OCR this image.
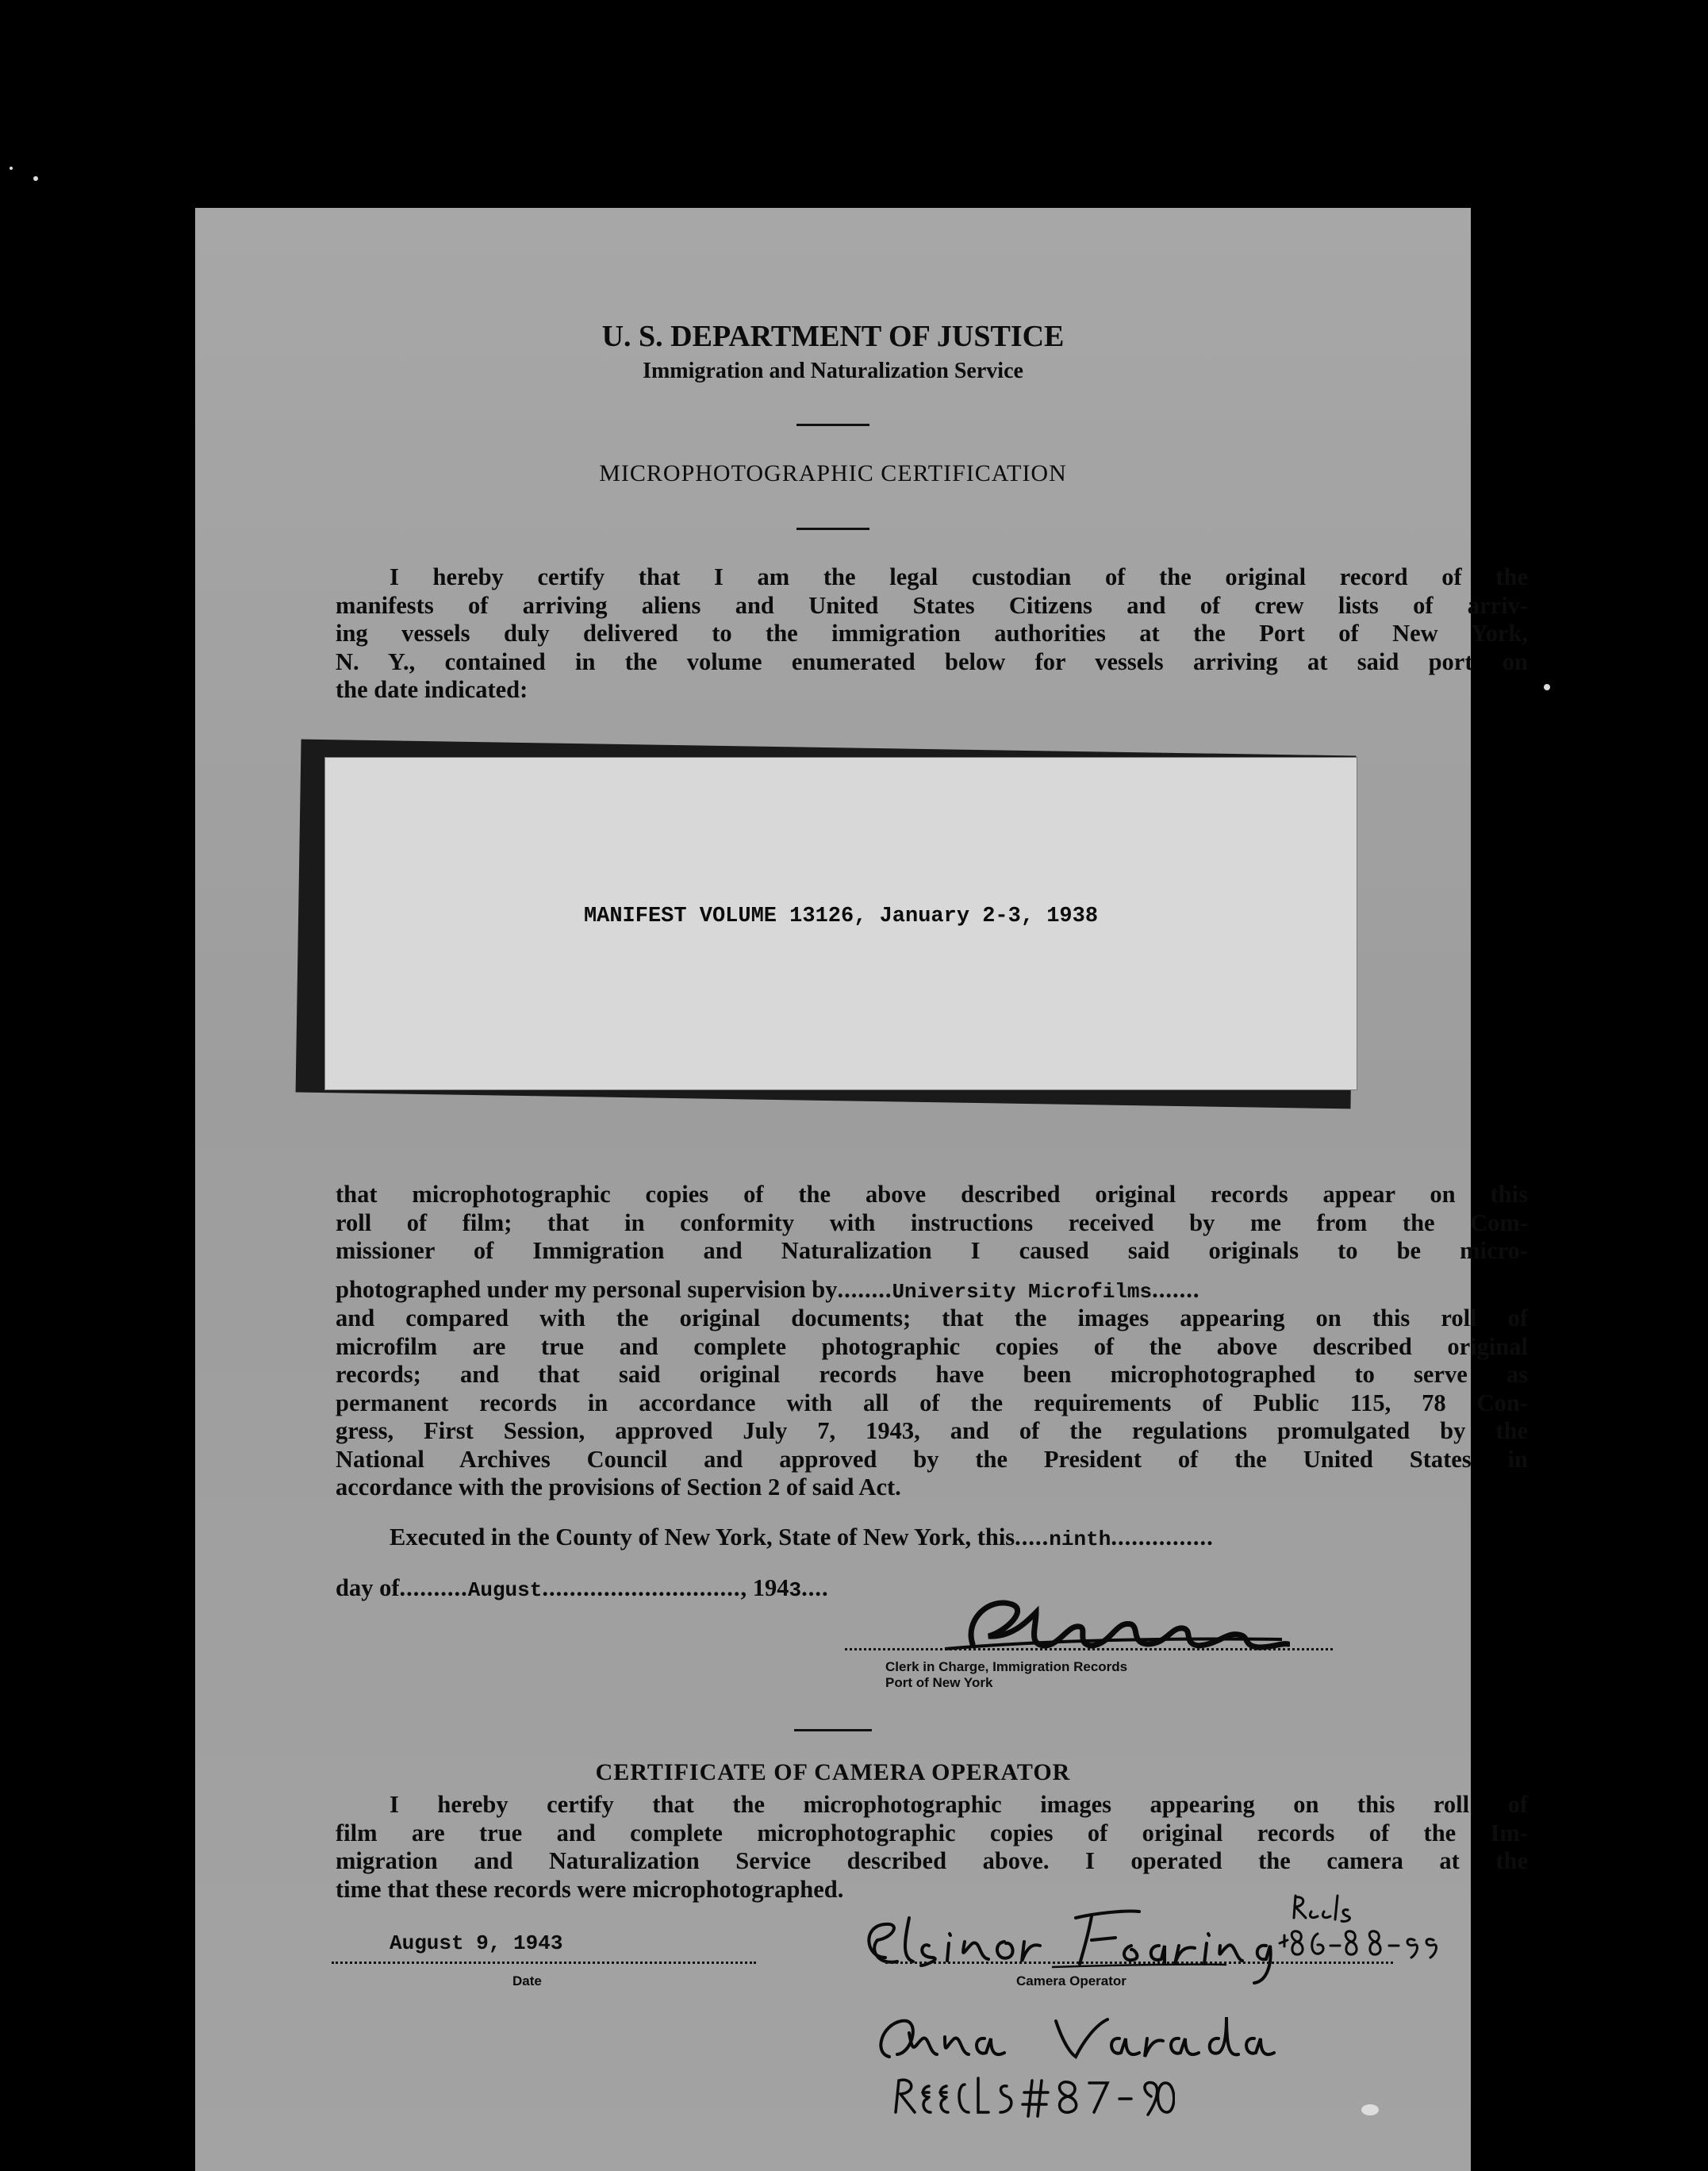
U. S. DEPARTMENT OF JUSTICE
Immigration and Naturalization Service
MICROPHOTOGRAPHIC CERTIFICATION
I hereby certify that I am the legal custodian of the original record of the
manifests of arriving aliens and United States Citizens and of crew lists of arriv-
ing vessels duly delivered to the immigration authorities at the Port of New York,
N. Y., contained in the volume enumerated below for vessels arriving at said port on
the date indicated:
MANIFEST VOLUME 13126, January 2-3, 1938
that microphotographic copies of the above described original records appear on this
roll of film; that in conformity with instructions received by me from the Com-
missioner of Immigration and Naturalization I caused said originals to be micro-
photographed under my personal supervision by........University Microfilms.......
and compared with the original documents; that the images appearing on this roll of
microfilm are true and complete photographic copies of the above described original
records; and that said original records have been microphotographed to serve as
permanent records in accordance with all of the requirements of Public 115, 78 Con-
gress, First Session, approved July 7, 1943, and of the regulations promulgated by the
National Archives Council and approved by the President of the United States in
accordance with the provisions of Section 2 of said Act.
Executed in the County of New York, State of New York, this.....ninth...............
day of..........August............................., 1943....
Clerk in Charge, Immigration Records
Port of New York
CERTIFICATE OF CAMERA OPERATOR
I hereby certify that the microphotographic images appearing on this roll of
film are true and complete microphotographic copies of original records of the Im-
migration and Naturalization Service described above. I operated the camera at the
time that these records were microphotographed.
August 9, 1943
Date	Camera Operator
